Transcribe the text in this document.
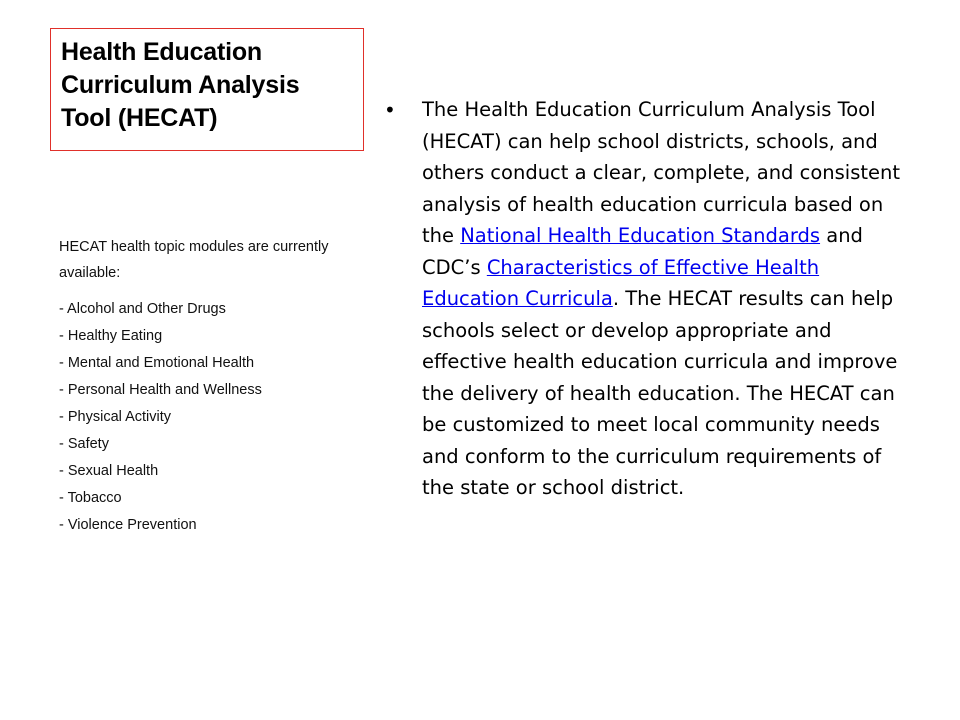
Health Education Curriculum Analysis Tool (HECAT)

HECAT health topic modules are currently available:

- Alcohol and Other Drugs
- Healthy Eating
- Mental and Emotional Health
- Personal Health and Wellness
- Physical Activity
- Safety
- Sexual Health
- Tobacco
- Violence Prevention
• The Health Education Curriculum Analysis Tool (HECAT) can help school districts, schools, and others conduct a clear, complete, and consistent analysis of health education curricula based on the National Health Education Standards and CDC’s Characteristics of Effective Health Education Curricula. The HECAT results can help schools select or develop appropriate and effective health education curricula and improve the delivery of health education. The HECAT can be customized to meet local community needs and conform to the curriculum requirements of the state or school district.
